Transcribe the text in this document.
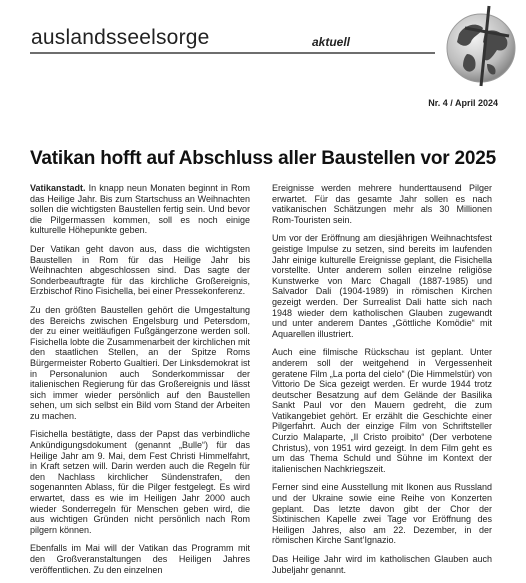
auslandsseelsorge	aktuell
Nr. 4 / April 2024
Vatikan hofft auf Abschluss aller Baustellen vor 2025

Vatikanstadt. In knapp neun Monaten beginnt in Rom das Heilige Jahr. Bis zum Startschuss an Weihnachten sollen die wichtigsten Baustellen fertig sein. Und bevor die Pilgermassen kommen, soll es noch einige kulturelle Höhepunkte geben.

Der Vatikan geht davon aus, dass die wichtigsten Baustellen in Rom für das Heilige Jahr bis Weihnachten abgeschlossen sind. Das sagte der Sonderbeauftragte für das kirchliche Großereignis, Erzbischof Rino Fisichella, bei einer Pressekonferenz.

Zu den größten Baustellen gehört die Umgestaltung des Bereichs zwischen Engelsburg und Petersdom, der zu einer weitläufigen Fußgängerzone werden soll. Fisichella lobte die Zusammenarbeit der kirchlichen mit den staatlichen Stellen, an der Spitze Roms Bürgermeister Roberto Gualtieri. Der Linksdemokrat ist in Personalunion auch Sonderkommissar der italienischen Regierung für das Großereignis und lässt sich immer wieder persönlich auf den Baustellen sehen, um sich selbst ein Bild vom Stand der Arbeiten zu machen.

Fisichella bestätigte, dass der Papst das verbindliche Ankündigungsdokument (genannt „Bulle“) für das Heilige Jahr am 9. Mai, dem Fest Christi Himmelfahrt, in Kraft setzen will. Darin werden auch die Regeln für den Nachlass kirchlicher Sündenstrafen, den sogenannten Ablass, für die Pilger festgelegt. Es wird erwartet, dass es wie im Heiligen Jahr 2000 auch wieder Sonderregeln für Menschen geben wird, die aus wichtigen Gründen nicht persönlich nach Rom pilgern können.

Ebenfalls im Mai will der Vatikan das Programm mit den Großveranstaltungen des Heiligen Jahres veröffentlichen. Zu den einzelnen

Ereignisse werden mehrere hunderttausend Pilger erwartet. Für das gesamte Jahr sollen es nach vatikanischen Schätzungen mehr als 30 Millionen Rom-Touristen sein.

Um vor der Eröffnung am diesjährigen Weihnachtsfest geistige Impulse zu setzen, sind bereits im laufenden Jahr einige kulturelle Ereignisse geplant, die Fisichella vorstellte. Unter anderem sollen einzelne religiöse Kunstwerke von Marc Chagall (1887-1985) und Salvador Dali (1904-1989) in römischen Kirchen gezeigt werden. Der Surrealist Dali hatte sich nach 1948 wieder dem katholischen Glauben zugewandt und unter anderem Dantes „Göttliche Komödie“ mit Aquarellen illustriert.

Auch eine filmische Rückschau ist geplant. Unter anderem soll der weitgehend in Vergessenheit geratene Film „La porta del cielo“ (Die Himmelstür) von Vittorio De Sica gezeigt werden. Er wurde 1944 trotz deutscher Besatzung auf dem Gelände der Basilika Sankt Paul vor den Mauern gedreht, die zum Vatikangebiet gehört. Er erzählt die Geschichte einer Pilgerfahrt. Auch der einzige Film von Schriftsteller Curzio Malaparte, „Il Cristo proibito“ (Der verbotene Christus), von 1951 wird gezeigt. In dem Film geht es um das Thema Schuld und Sühne im Kontext der italienischen Nachkriegszeit.

Ferner sind eine Ausstellung mit Ikonen aus Russland und der Ukraine sowie eine Reihe von Konzerten geplant. Das letzte davon gibt der Chor der Sixtinischen Kapelle zwei Tage vor Eröffnung des Heiligen Jahres, also am 22. Dezember, in der römischen Kirche Sant’Ignazio.

Das Heilige Jahr wird im katholischen Glauben auch Jubeljahr genannt.
